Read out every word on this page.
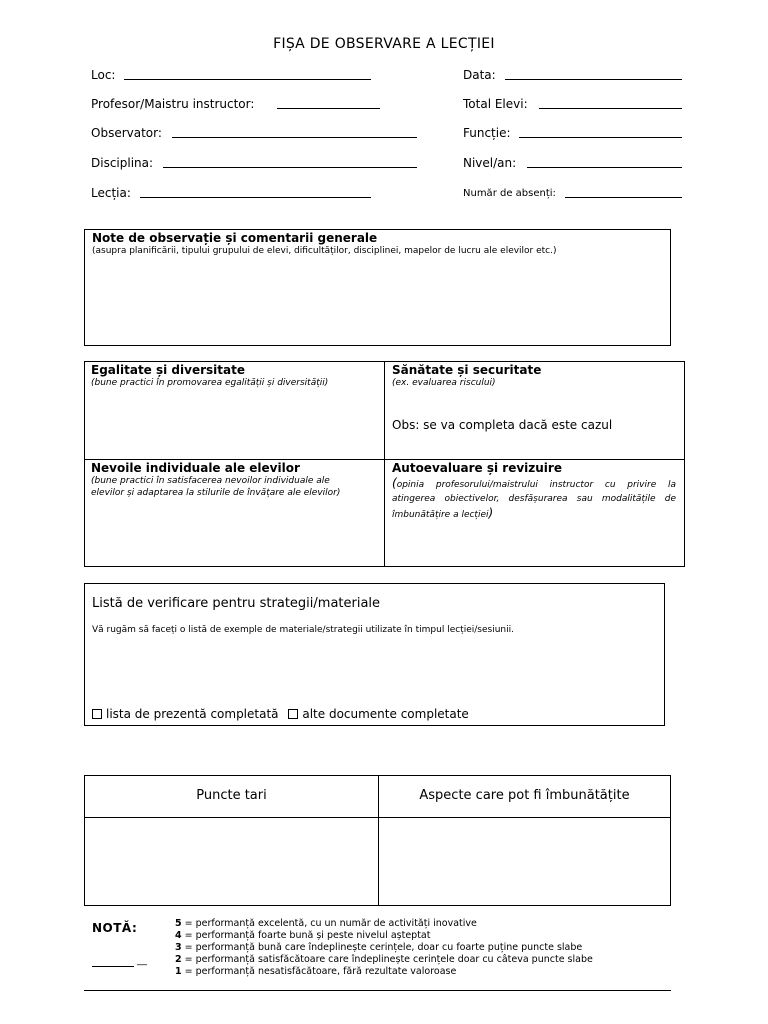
FIȘA DE OBSERVARE A LECȚIEI
Loc:
Profesor/Maistru instructor:
Observator:
Disciplina:
Lecția:
Data:
Total Elevi:
Funcție:
Nivel/an:
Număr de absenți:
Note de observație și comentarii generale
(asupra planificării, tipului grupului de elevi, dificultăților, disciplinei, mapelor de lucru ale elevilor etc.)
Egalitate și diversitate
(bune practici în promovarea egalității și diversității)
Sănătate și securitate
(ex. evaluarea riscului)
Obs: se va completa dacă este cazul
Nevoile individuale ale elevilor
(bune practici în satisfacerea nevoilor individuale ale elevilor și adaptarea la stilurile de învățare ale elevilor)
Autoevaluare și revizuire
(opinia profesorului/maistrului instructor cu privire la atingerea obiectivelor, desfășurarea sau modalitățile de îmbunătățire a lecției)
Listă de verificare pentru strategii/materiale
Vă rugăm să faceți o listă de exemple de materiale/strategii utilizate în timpul lecției/sesiunii.
lista de prezentă completată alte documente completate
Puncte tari	Aspecte care pot fi îmbunătățite
NOTĂ:
__
5 = performanță excelentă, cu un număr de activități inovative
4 = performanță foarte bună și peste nivelul așteptat
3 = performanță bună care îndeplinește cerințele, doar cu foarte puține puncte slabe
2 = performanță satisfăcătoare care îndeplinește cerințele doar cu câteva puncte slabe
1 = performanță nesatisfăcătoare, fără rezultate valoroase
